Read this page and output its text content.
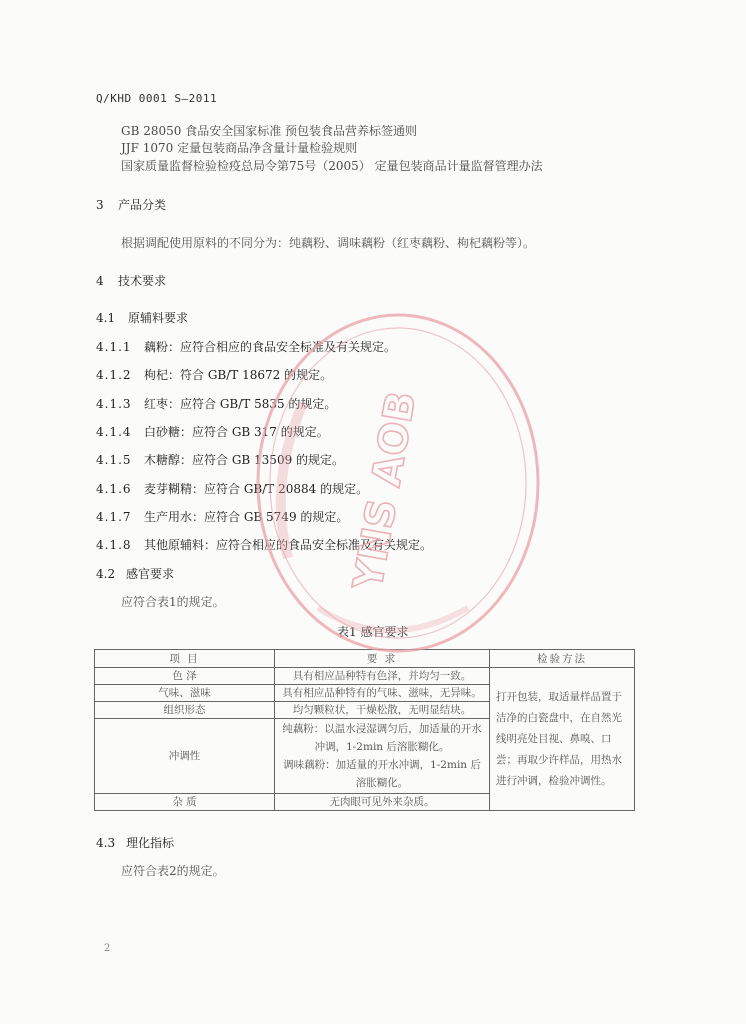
Q/KHD 0001 S—2011
GB 28050 食品安全国家标准 预包装食品营养标签通则
JJF 1070 定量包装商品净含量计量检验规则
国家质量监督检验检疫总局令第75号（2005） 定量包装商品计量监督管理办法
3 产品分类
根据调配使用原料的不同分为：纯藕粉、调味藕粉（红枣藕粉、枸杞藕粉等）。
4 技术要求
4.1 原辅料要求
4.1.1 藕粉：应符合相应的食品安全标准及有关规定。
4.1.2 枸杞：符合 GB/T 18672 的规定。
4.1.3 红枣：应符合 GB/T 5835 的规定。
4.1.4 白砂糖：应符合 GB 317 的规定。
4.1.5 木糖醇：应符合 GB 13509 的规定。
4.1.6 麦芽糊精：应符合 GB/T 20884 的规定。
4.1.7 生产用水：应符合 GB 5749 的规定。
4.1.8 其他原辅料：应符合相应的食品安全标准及有关规定。
4.2 感官要求
应符合表1的规定。
表1 感官要求
项 目	要 求	检验方法
色 泽	具有相应品种特有色泽，并均匀一致。	打开包装，取适量样品置于洁净的白瓷盘中，在自然光线明亮处目视、鼻嗅、口尝；再取少许样品，用热水进行冲调，检验冲调性。
气味、滋味	具有相应品种特有的气味、滋味，无异味。	
组织形态	均匀颗粒状，干燥松散，无明显结块。	
冲调性	纯藕粉：以温水浸湿调匀后，加适量的开水冲调，1-2min 后溶胀糊化。
调味藕粉：加适量的开水冲调，1-2min 后溶胀糊化。	

杂 质	无肉眼可见外来杂质。	
4.3 理化指标
应符合表2的规定。
2
YNS AOB
